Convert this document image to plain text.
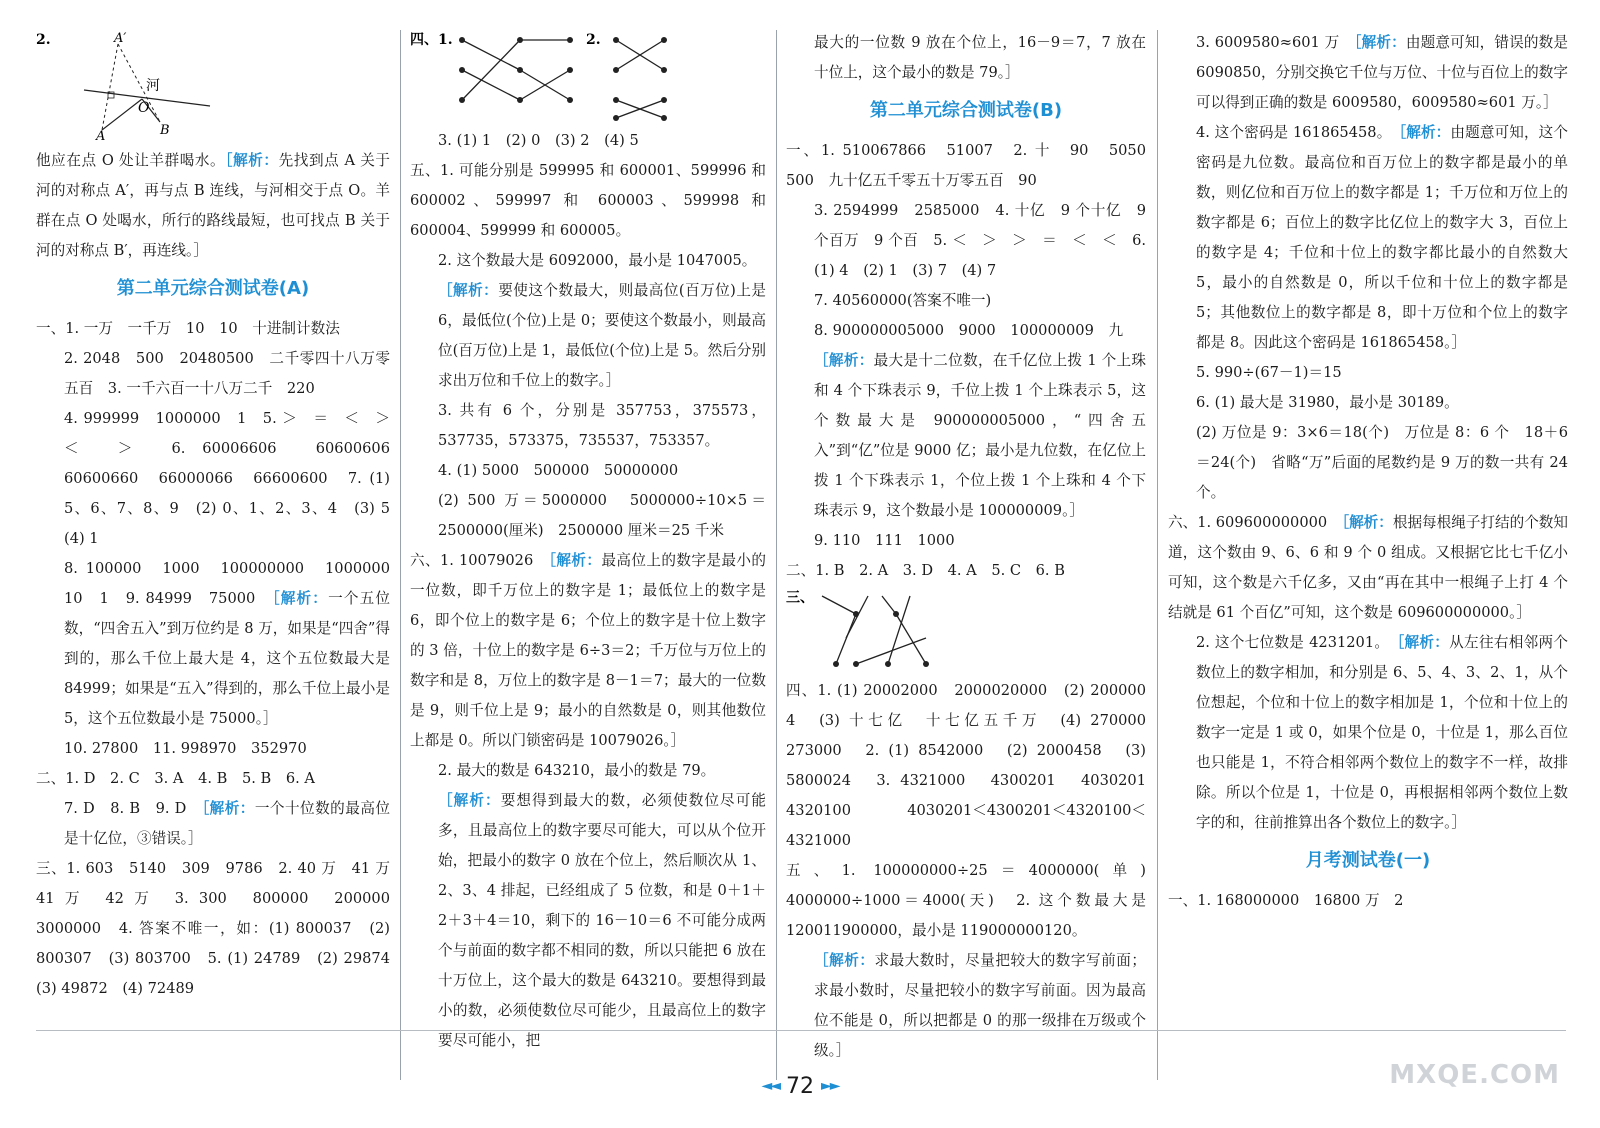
2.	A′
河
O
A	B

他应在点 O 处让羊群喝水。［解析：先找到点 A 关于河的对称点 A′，再与点 B 连线，与河相交于点 O。羊群在点 O 处喝水，所行的路线最短，也可找点 B 关于河的对称点 B′，再连线。］

第二单元综合测试卷(A)

一、1. 一万　一千万　10　10　十进制计数法

2. 2048　500　20480500　二千零四十八万零五百　3. 一千六百一十八万二千　220

4. 999999　1000000　1　5. ＞　＝　＜　＞　＜　＞　6. 60006606　60600606　60600660　66000066　66600600　7. (1) 5、6、7、8、9　(2) 0、1、2、3、4　(3) 5　(4) 1

8. 100000　1000　100000000　1000000　10　1　9. 84999　75000　 ［解析：一个五位数，“四舍五入”到万位约是 8 万，如果是“四舍”得到的，那么千位上最大是 4，这个五位数最大是 84999；如果是“五入”得到的，那么千位上最小是 5，这个五位数最小是 75000。］

10. 27800　11. 998970　352970

二、1. D　2. C　3. A　4. B　5. B　6. A

7. D　8. B　9. D　 ［解析：一个十位数的最高位是十亿位，③错误。］

三、1. 603　5140　309　9786　2. 40 万　41 万　41 万　42 万　3. 300　800000　200000　3000000　4. 答案不唯一，如：(1) 800037　(2) 800307　(3) 803700　5. (1) 24789　(2) 29874　(3) 49872　(4) 72489

四、1.	2.

3. (1) 1　(2) 0　(3) 2　(4) 5

五、1. 可能分别是 599995 和 600001、599996 和 600002、599997 和 600003、599998 和 600004、599999 和 600005。

2. 这个数最大是 6092000，最小是 1047005。

［解析：要使这个数最大，则最高位(百万位)上是 6，最低位(个位)上是 0；要使这个数最小，则最高位(百万位)上是 1，最低位(个位)上是 5。然后分别求出万位和千位上的数字。］

3. 共有 6 个，分别是 357753，375573，537735，573375，735537，753357。

4. (1) 5000　500000　50000000

(2) 500 万＝5000000　5000000÷10×5＝2500000(厘米)　2500000 厘米＝25 千米

六、1. 10079026　 ［解析：最高位上的数字是最小的一位数，即千万位上的数字是 1；最低位上的数字是 6，即个位上的数字是 6；个位上的数字是十位上数字的 3 倍，十位上的数字是 6÷3＝2；千万位与万位上的数字和是 8，万位上的数字是 8－1＝7；最大的一位数是 9，则千位上是 9；最小的自然数是 0，则其他数位上都是 0。所以门锁密码是 10079026。］

2. 最大的数是 643210，最小的数是 79。

［解析：要想得到最大的数，必须使数位尽可能多，且最高位上的数字要尽可能大，可以从个位开始，把最小的数字 0 放在个位上，然后顺次从 1、2、3、4 排起，已经组成了 5 位数，和是 0＋1＋2＋3＋4＝10，剩下的 16－10＝6 不可能分成两个与前面的数字都不相同的数，所以只能把 6 放在十万位上，这个最大的数是 643210。要想得到最小的数，必须使数位尽可能少，且最高位上的数字要尽可能小，把

最大的一位数 9 放在个位上，16－9＝7，7 放在十位上，这个最小的数是 79。］

第二单元综合测试卷(B)

一、1. 510067866　51007　2. 十　90　5050　500　九十亿五千零五十万零五百　90

3. 2594999　2585000　4. 十亿　9 个十亿　9 个百万　9 个百　5. ＜　＞　＞　＝　＜　＜　6. (1) 4　(2) 1　(3) 7　(4) 7

7. 40560000(答案不唯一)

8. 900000005000　9000　100000009　九

［解析：最大是十二位数，在千亿位上拨 1 个上珠和 4 个下珠表示 9，千位上拨 1 个上珠表示 5，这个数最大是 900000005000，“四舍五入”到“亿”位是 9000 亿；最小是九位数，在亿位上拨 1 个下珠表示 1，个位上拨 1 个上珠和 4 个下珠表示 9，这个数最小是 100000009。］

9. 110　111　1000

二、1. B　2. A　3. D　4. A　5. C　6. B

三、

四、1. (1) 20002000　2000020000　(2) 200000　4　(3) 十七亿　十七亿五千万　(4) 270000　273000　2. (1) 8542000　(2) 2000458　(3) 5800024　3. 4321000　4300201　4030201　4320100　4030201＜4300201＜4320100＜4321000

五、1. 100000000÷25＝4000000(单)　4000000÷1000＝4000(天)　2. 这个数最大是 120011900000，最小是 119000000120。

［解析：求最大数时，尽量把较大的数字写前面；求最小数时，尽量把较小的数字写前面。因为最高位不能是 0，所以把都是 0 的那一级排在万级或个级。］

3. 6009580≈601 万　 ［解析：由题意可知，错误的数是 6090850，分别交换它千位与万位、十位与百位上的数字可以得到正确的数是 6009580，6009580≈601 万。］

4. 这个密码是 161865458。　 ［解析：由题意可知，这个密码是九位数。最高位和百万位上的数字都是最小的单数，则亿位和百万位上的数字都是 1；千万位和万位上的数字都是 6；百位上的数字比亿位上的数字大 3，百位上的数字是 4；千位和十位上的数字都比最小的自然数大 5，最小的自然数是 0，所以千位和十位上的数字都是 5；其他数位上的数字都是 8，即十万位和个位上的数字都是 8。因此这个密码是 161865458。］

5. 990÷(67－1)＝15

6. (1) 最大是 31980，最小是 30189。

(2) 万位是 9：3×6＝18(个)　万位是 8：6 个　18＋6＝24(个)　省略“万”后面的尾数约是 9 万的数一共有 24 个。

六、1. 609600000000　 ［解析：根据每根绳子打结的个数知道，这个数由 9、6、6 和 9 个 0 组成。又根据它比七千亿小可知，这个数是六千亿多，又由“再在其中一根绳子上打 4 个结就是 61 个百亿”可知，这个数是 609600000000。］

2. 这个七位数是 4231201。　 ［解析：从左往右相邻两个数位上的数字相加，和分别是 6、5、4、3、2、1，从个位想起，个位和十位上的数字相加是 1，个位和十位上的数字一定是 1 或 0，如果个位是 0，十位是 1，那么百位也只能是 1，不符合相邻两个数位上的数字不一样，故排除。所以个位是 1，十位是 0，再根据相邻两个数位上数字的和，往前推算出各个数位上的数字。］

月考测试卷(一)

一、1. 168000000　16800 万　2

◄◄ 72 ►►	MXQE.COM
